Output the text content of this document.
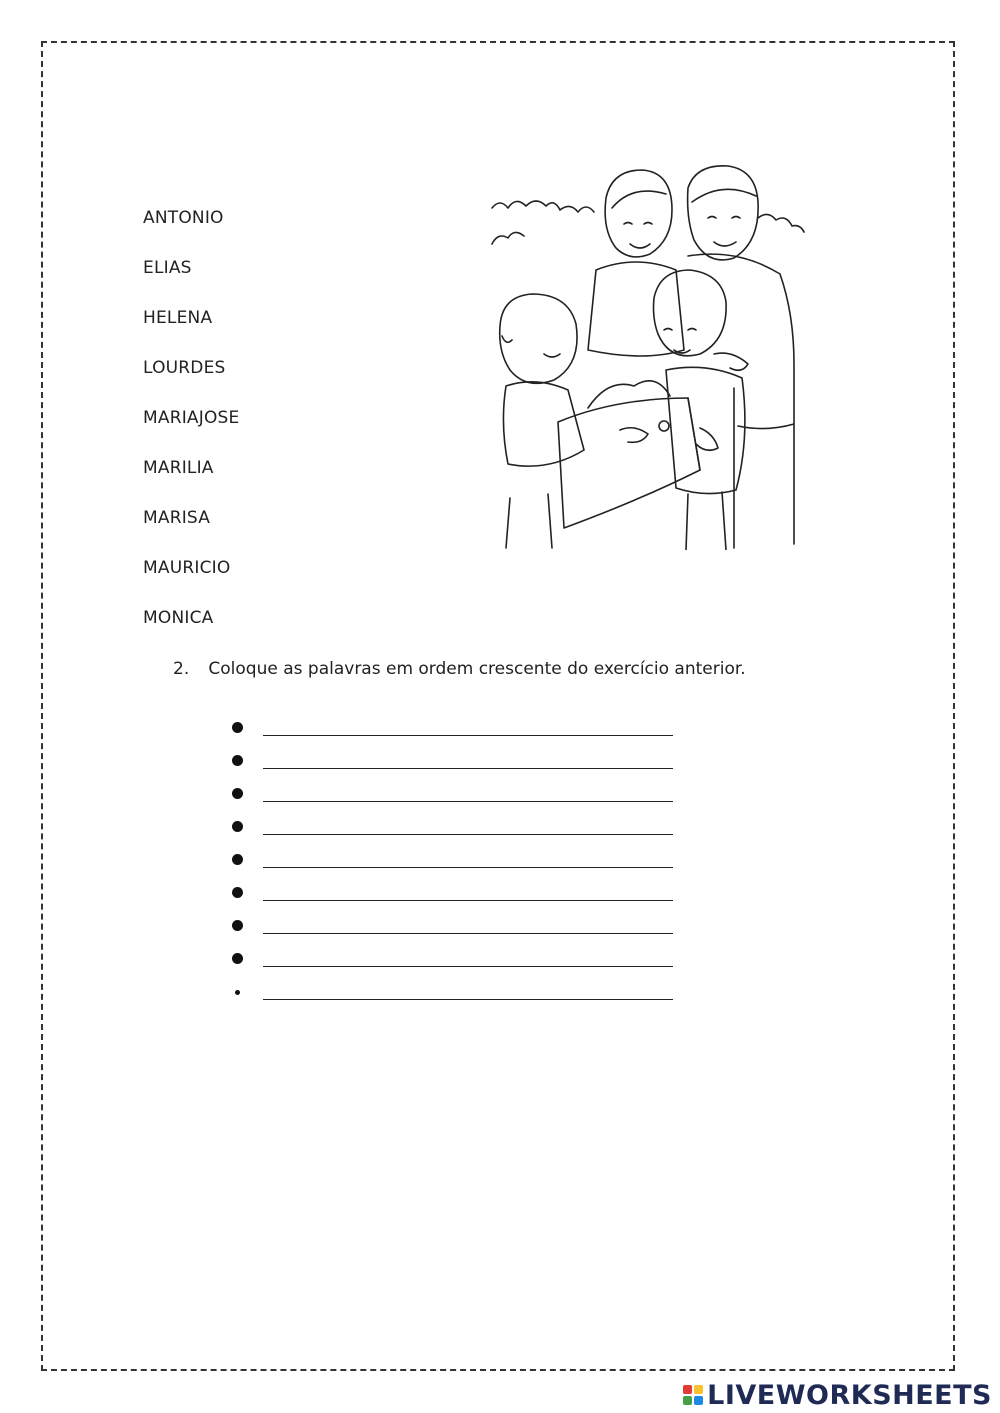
ANTONIO
ELIAS
HELENA
LOURDES
MARIAJOSE
MARILIA
MARISA
MAURICIO
MONICA
2. Coloque as palavras em ordem crescente do exercício anterior.
LIVEWORKSHEETS
